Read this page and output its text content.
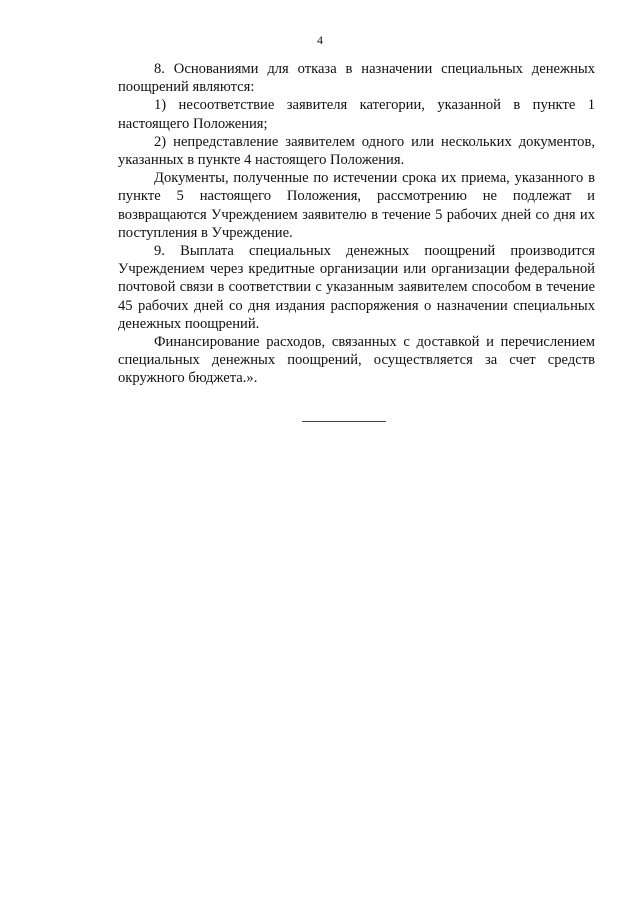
4

8. Основаниями для отказа в назначении специальных денежных поощрений являются:

1) несоответствие заявителя категории, указанной в пункте 1 настоящего Положения;

2) непредставление заявителем одного или нескольких документов, указанных в пункте 4 настоящего Положения.

Документы, полученные по истечении срока их приема, указанного в пункте 5 настоящего Положения, рассмотрению не подлежат и возвращаются Учреждением заявителю в течение 5 рабочих дней со дня их поступления в Учреждение.

9. Выплата специальных денежных поощрений производится Учреждением через кредитные организации или организации федеральной почтовой связи в соответствии с указанным заявителем способом в течение 45 рабочих дней со дня издания распоряжения о назначении специальных денежных поощрений.

Финансирование расходов, связанных с доставкой и перечислением специальных денежных поощрений, осуществляется за счет средств окружного бюджета.».
